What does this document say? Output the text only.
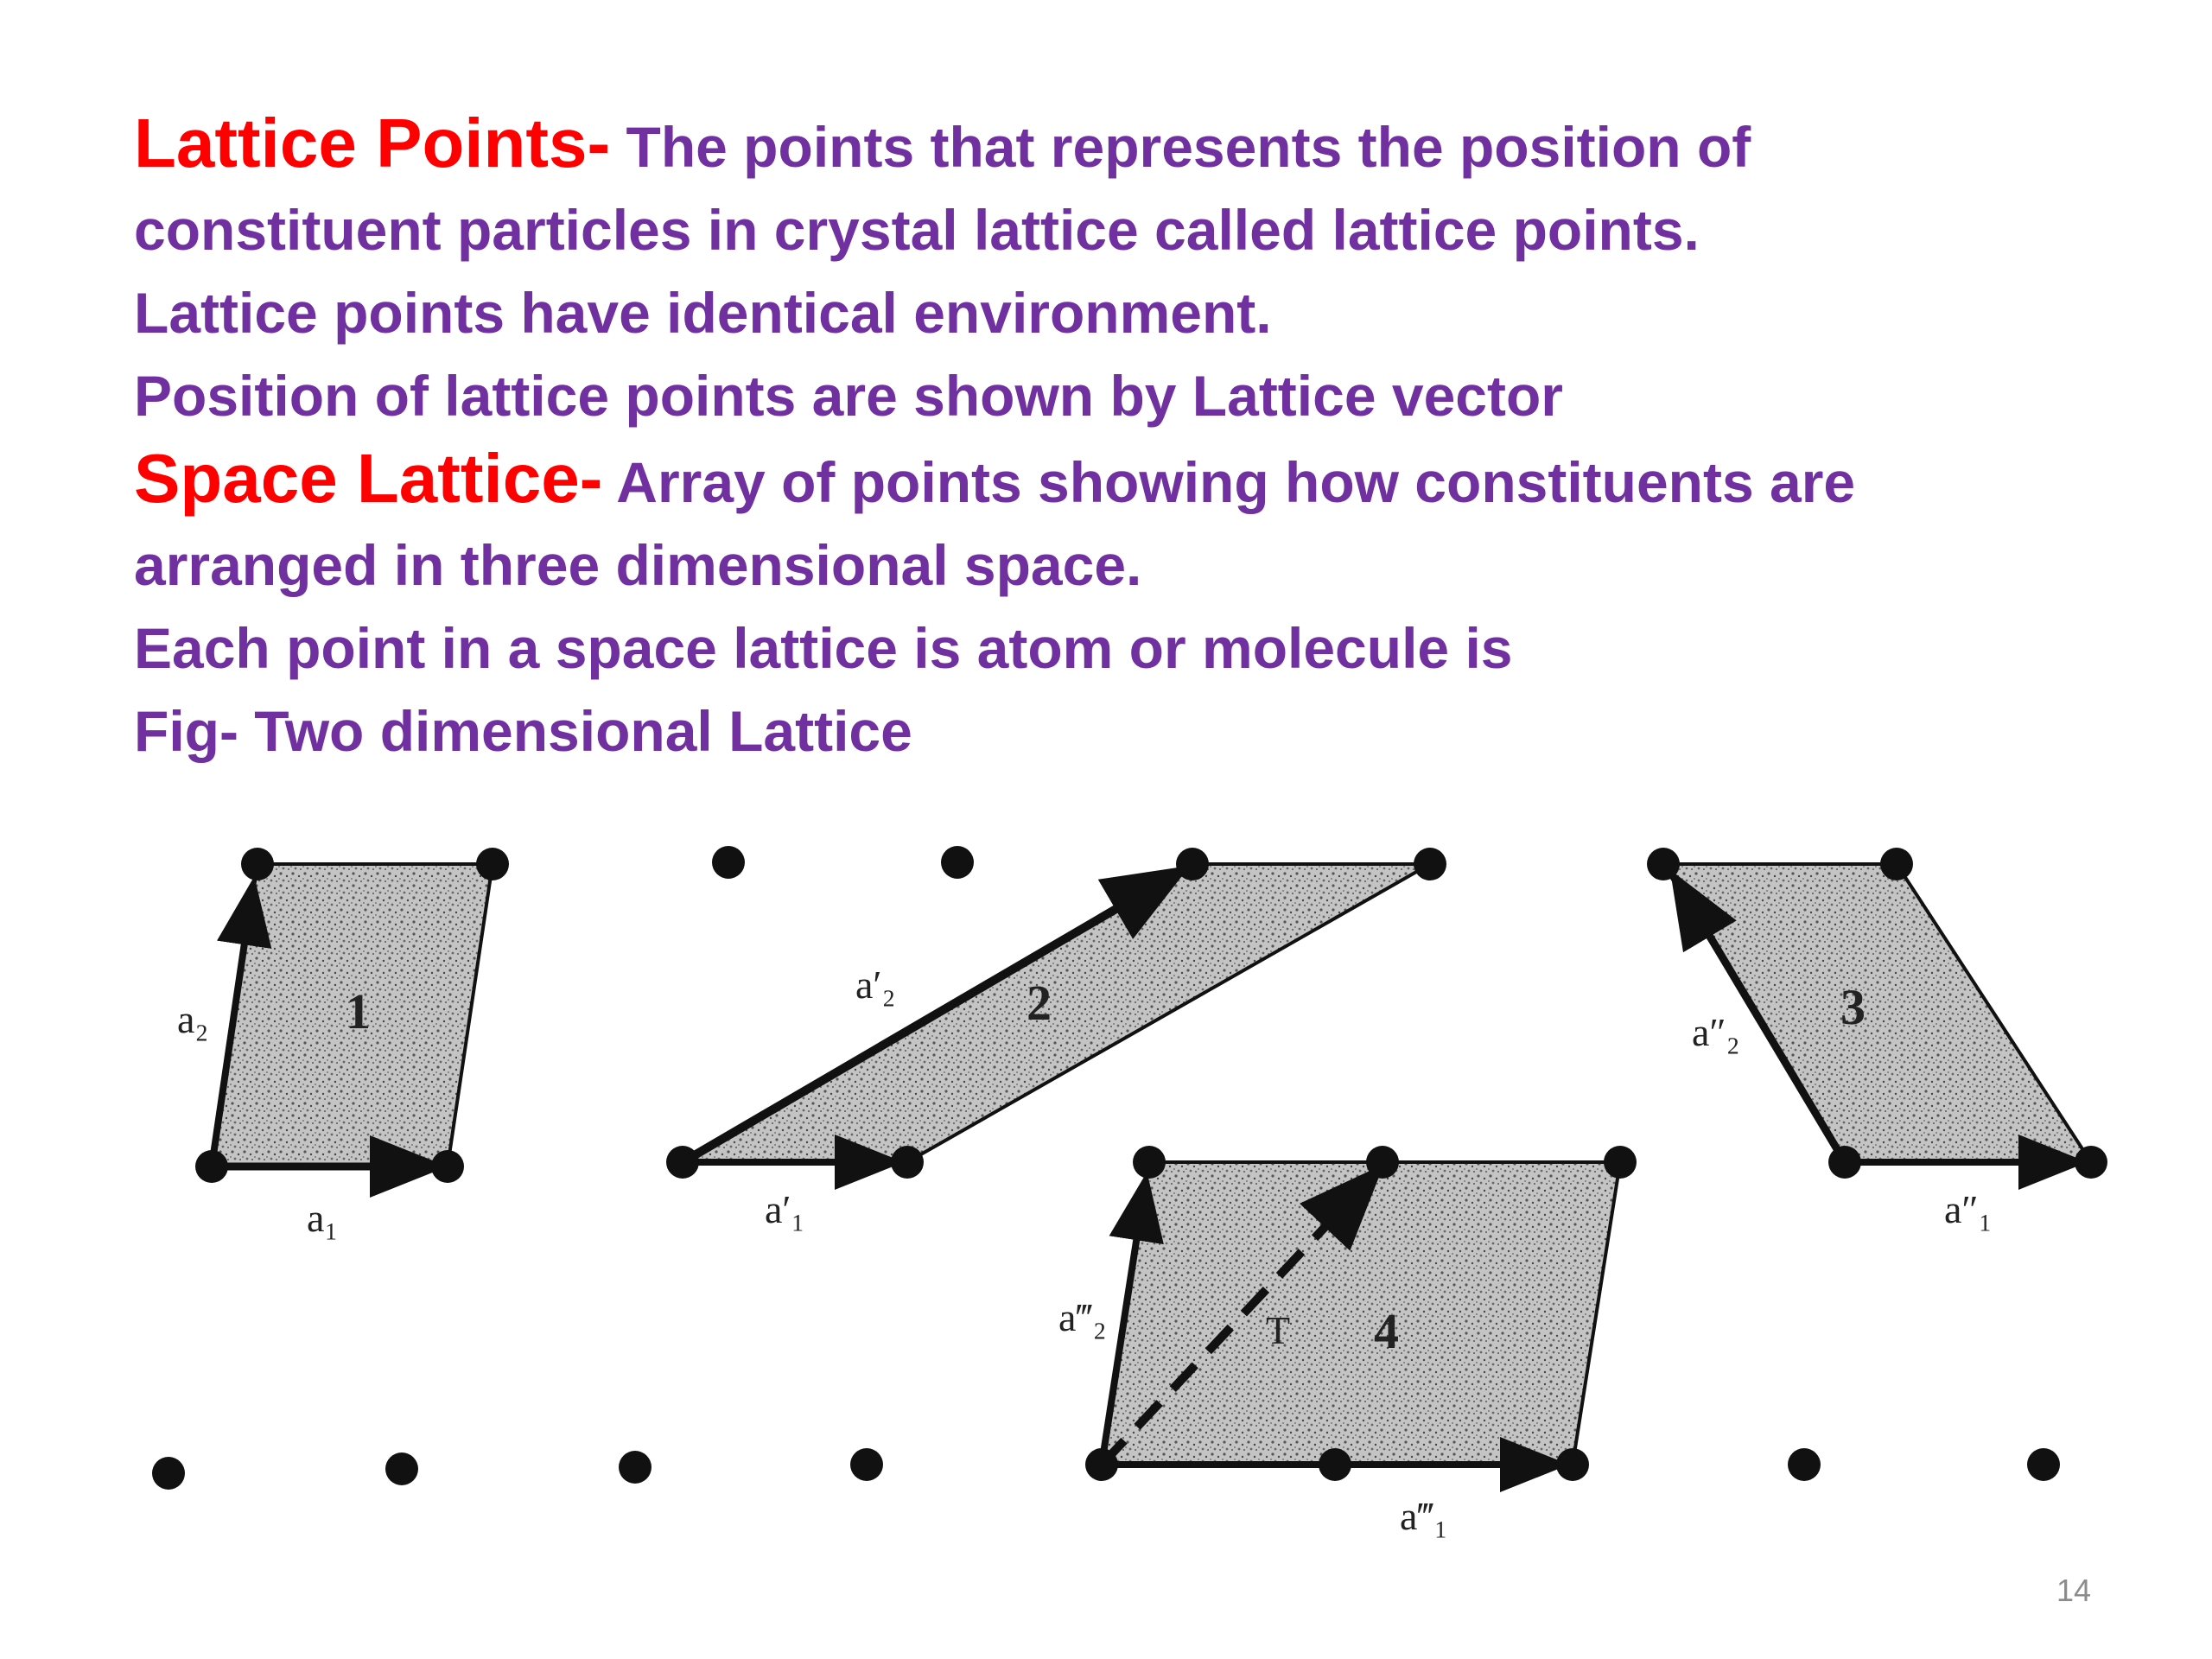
Lattice Points- The points that represents the position of
constituent particles in crystal lattice called lattice points.
Lattice points have identical environment.
Position of lattice points are shown by Lattice vector
Space Lattice- Array of points showing how constituents are
arranged in three dimensional space.
Each point in a space lattice is atom or molecule is
Fig- Two dimensional Lattice
1
a₁
a₂	2
a′₁
a′₂	3
a″₁
a″₂
4
T
a‴₁
a‴₂
14
